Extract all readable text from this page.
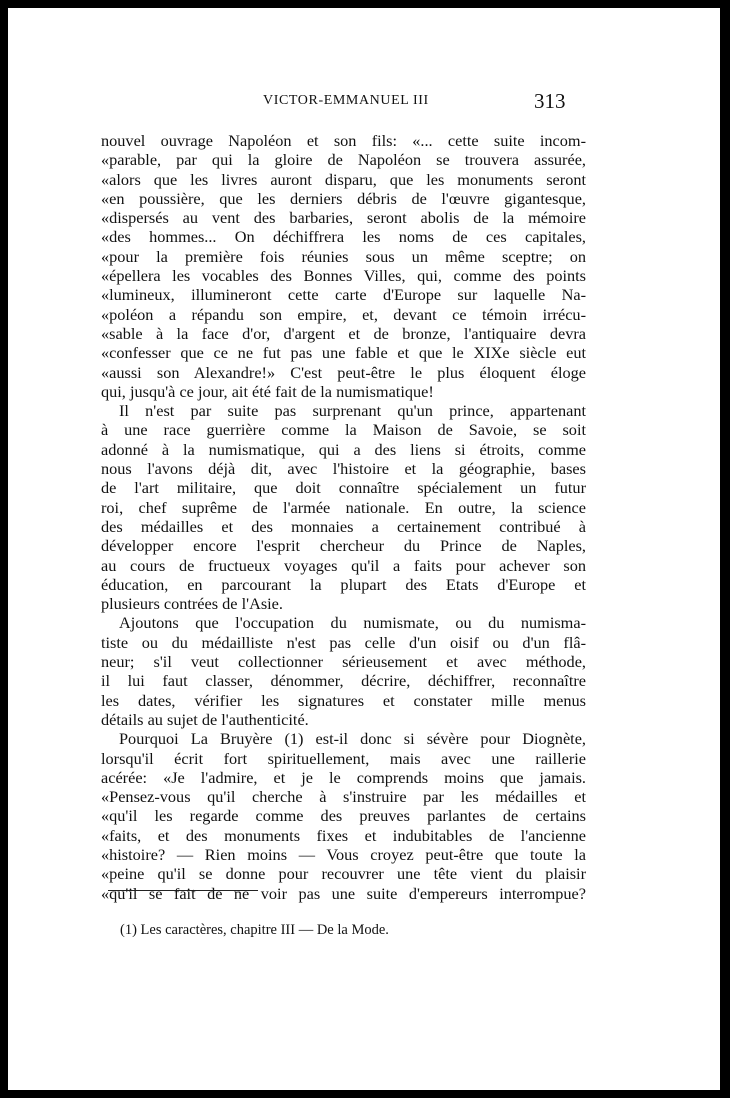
VICTOR-EMMANUEL III	313
nouvel ouvrage Napoléon et son fils: «... cette suite incom-
«parable, par qui la gloire de Napoléon se trouvera assurée,
«alors que les livres auront disparu, que les monuments seront
«en poussière, que les derniers débris de l'œuvre gigantesque,
«dispersés au vent des barbaries, seront abolis de la mémoire
«des hommes... On déchiffrera les noms de ces capitales,
«pour la première fois réunies sous un même sceptre; on
«épellera les vocables des Bonnes Villes, qui, comme des points
«lumineux, illumineront cette carte d'Europe sur laquelle Na-
«poléon a répandu son empire, et, devant ce témoin irrécu-
«sable à la face d'or, d'argent et de bronze, l'antiquaire devra
«confesser que ce ne fut pas une fable et que le XIXe siècle eut
«aussi son Alexandre!» C'est peut-être le plus éloquent éloge
qui, jusqu'à ce jour, ait été fait de la numismatique!
Il n'est par suite pas surprenant qu'un prince, appartenant
à une race guerrière comme la Maison de Savoie, se soit
adonné à la numismatique, qui a des liens si étroits, comme
nous l'avons déjà dit, avec l'histoire et la géographie, bases
de l'art militaire, que doit connaître spécialement un futur
roi, chef suprême de l'armée nationale. En outre, la science
des médailles et des monnaies a certainement contribué à
développer encore l'esprit chercheur du Prince de Naples,
au cours de fructueux voyages qu'il a faits pour achever son
éducation, en parcourant la plupart des Etats d'Europe et
plusieurs contrées de l'Asie.
Ajoutons que l'occupation du numismate, ou du numisma-
tiste ou du médailliste n'est pas celle d'un oisif ou d'un flâ-
neur; s'il veut collectionner sérieusement et avec méthode,
il lui faut classer, dénommer, décrire, déchiffrer, reconnaître
les dates, vérifier les signatures et constater mille menus
détails au sujet de l'authenticité.
Pourquoi La Bruyère (1) est-il donc si sévère pour Diognète,
lorsqu'il écrit fort spirituellement, mais avec une raillerie
acérée: «Je l'admire, et je le comprends moins que jamais.
«Pensez-vous qu'il cherche à s'instruire par les médailles et
«qu'il les regarde comme des preuves parlantes de certains
«faits, et des monuments fixes et indubitables de l'ancienne
«histoire? — Rien moins — Vous croyez peut-être que toute la
«peine qu'il se donne pour recouvrer une tête vient du plaisir
«qu'il se fait de ne voir pas une suite d'empereurs interrompue?
(1) Les caractères, chapitre III — De la Mode.
